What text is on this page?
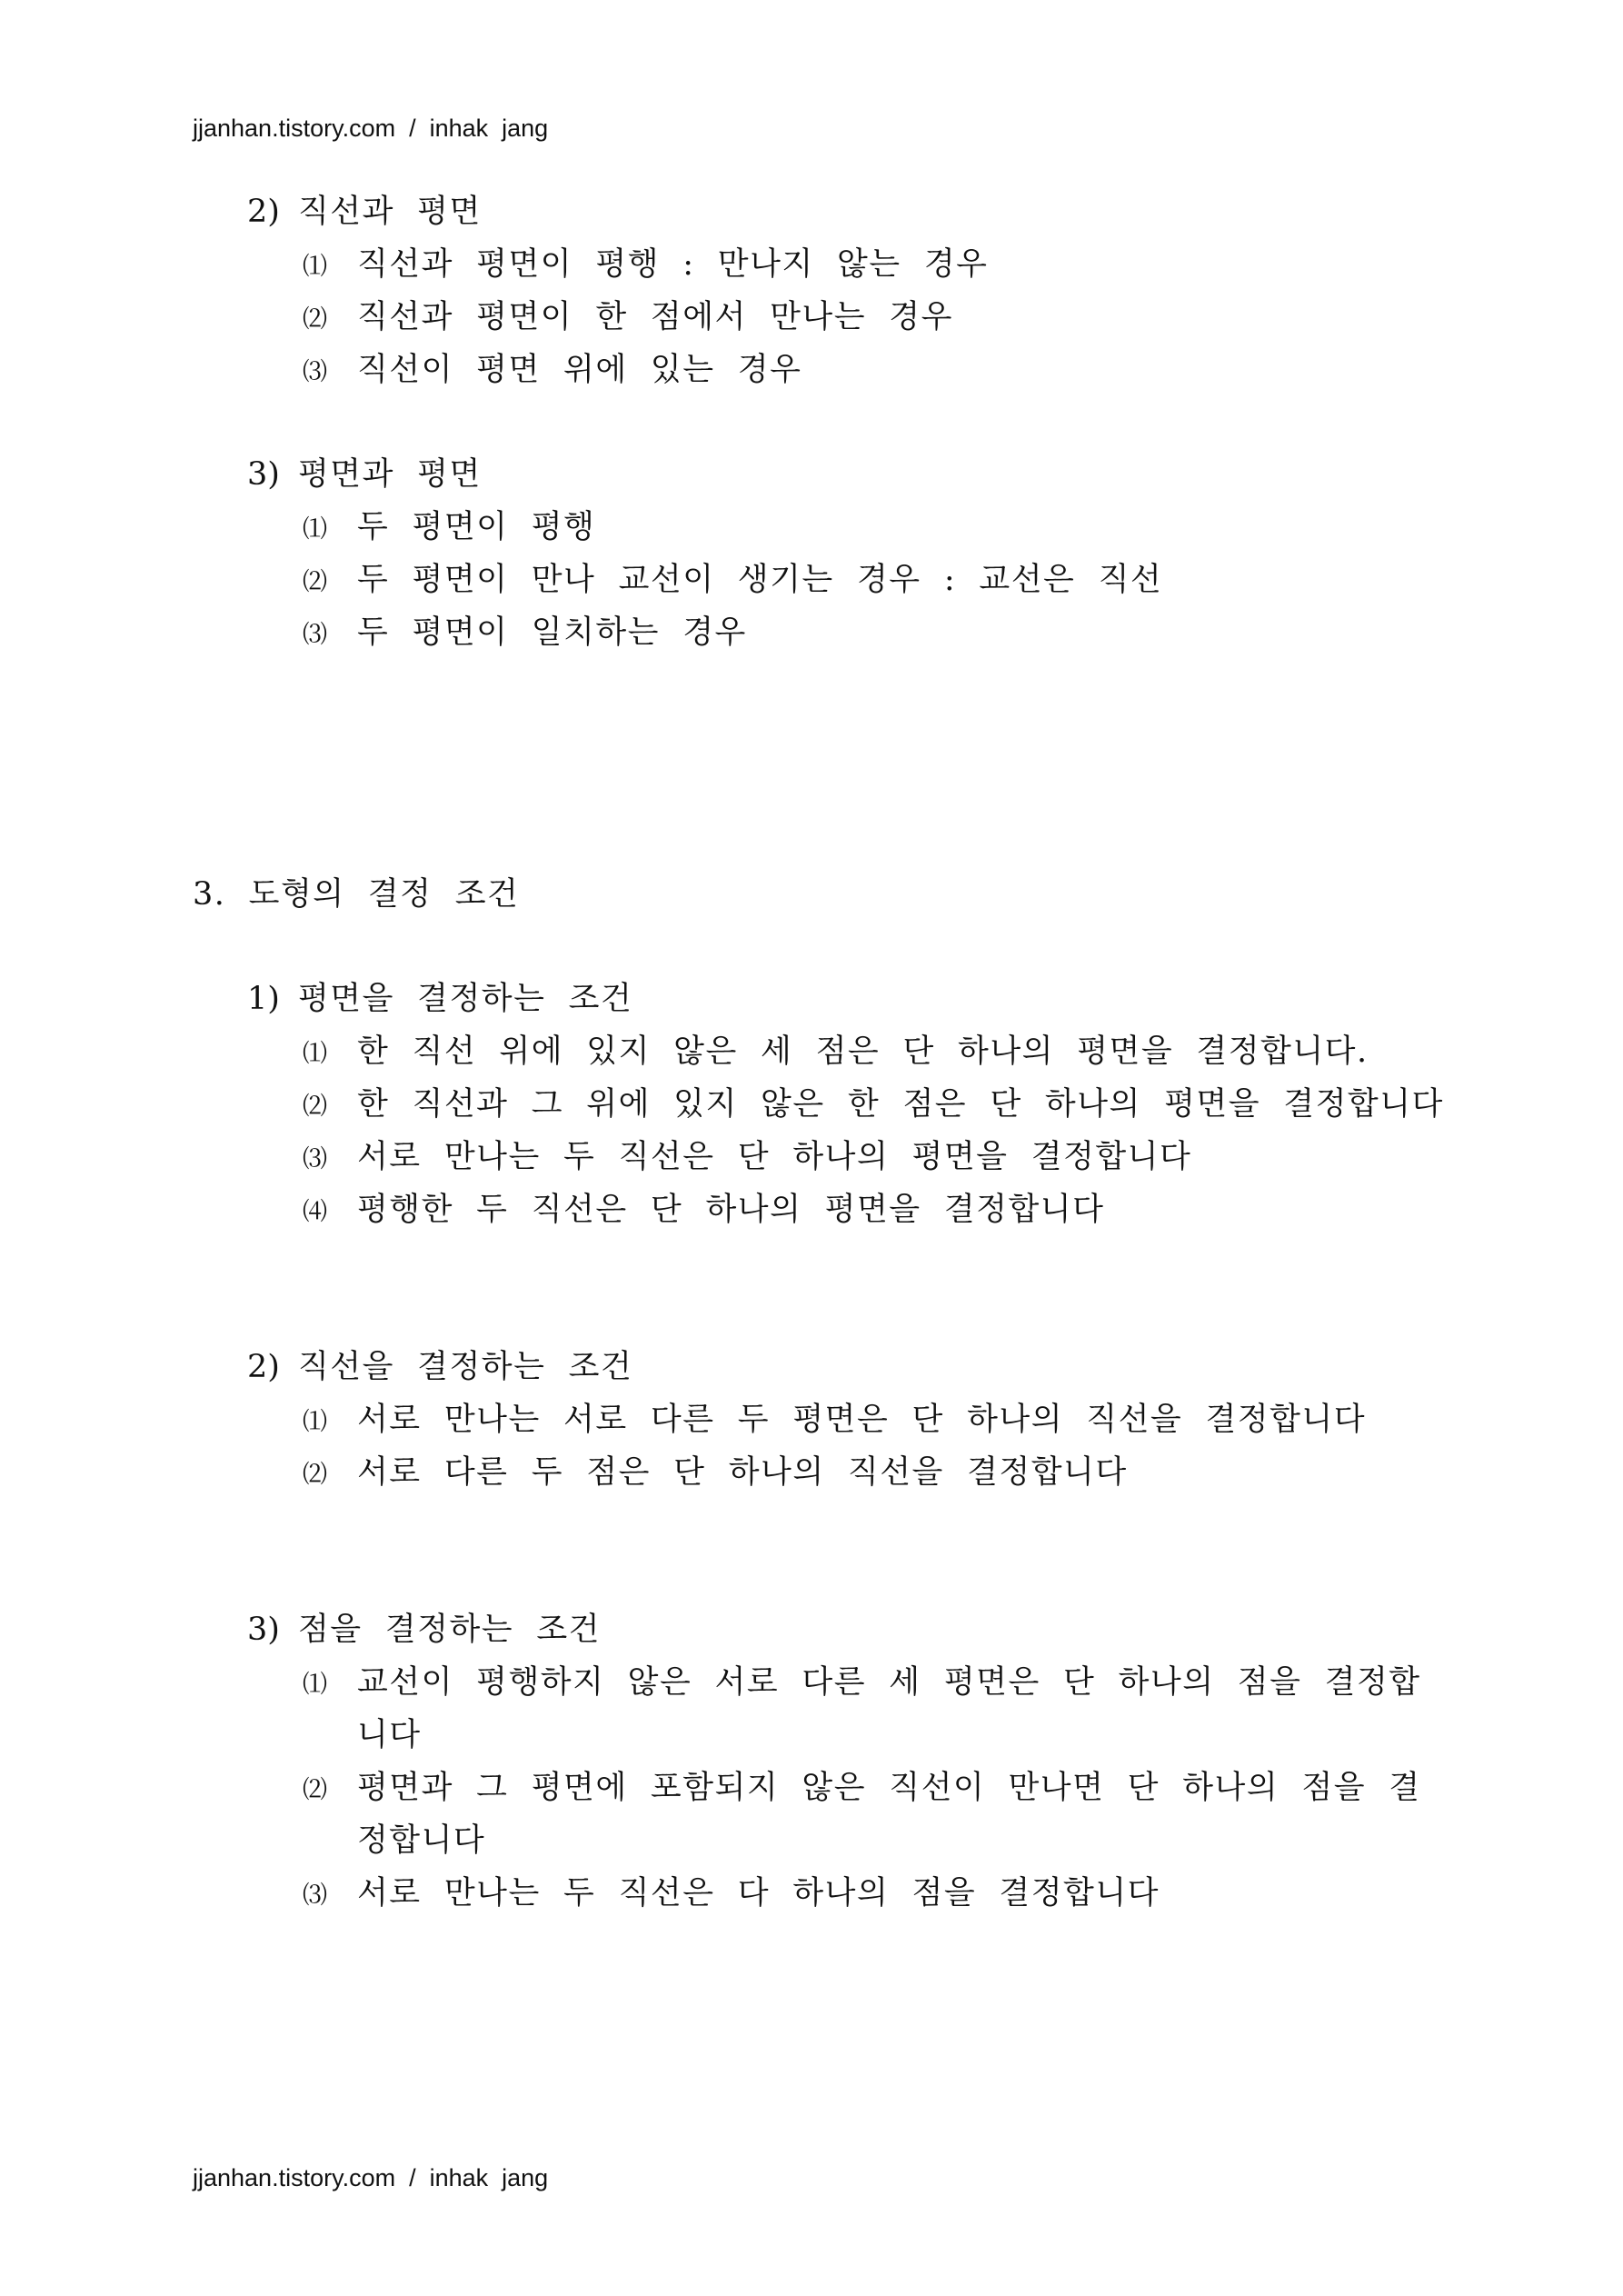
jjanhan.tistory.com  /  inhak  jang
2) 직선과  평면
⑴ 직선과  평면이  평행  :  만나지  않는  경우
⑵ 직선과  평면이  한  점에서  만나는  경우
⑶ 직선이  평면  위에  있는  경우
3) 평면과  평면
⑴ 두  평면이  평행
⑵ 두  평면이  만나  교선이  생기는  경우  :  교선은  직선
⑶ 두  평면이  일치하는  경우
3.  도형의  결정  조건
1) 평면을  결정하는  조건
⑴ 한  직선  위에  있지  않은  세  점은  단  하나의  평면을  결정합니다.
⑵ 한  직선과  그  위에  있지  않은  한  점은  단  하나의  평면을  결정합니다
⑶ 서로  만나는  두  직선은  단  하나의  평면을  결정합니다
⑷ 평행한  두  직선은  단  하나의  평면을  결정합니다
2) 직선을  결정하는  조건
⑴ 서로  만나는  서로  다른  두  평면은  단  하나의  직선을  결정합니다
⑵ 서로  다른  두  점은  단  하나의  직선을  결정합니다
3) 점을  결정하는  조건
⑴ 교선이  평행하지  않은  서로  다른  세  평면은  단  하나의  점을  결정합
니다
⑵ 평면과  그  평면에  포함되지  않은  직선이  만나면  단  하나의  점을  결
정합니다
⑶ 서로  만나는  두  직선은  다  하나의  점을  결정합니다
jjanhan.tistory.com  /  inhak  jang
